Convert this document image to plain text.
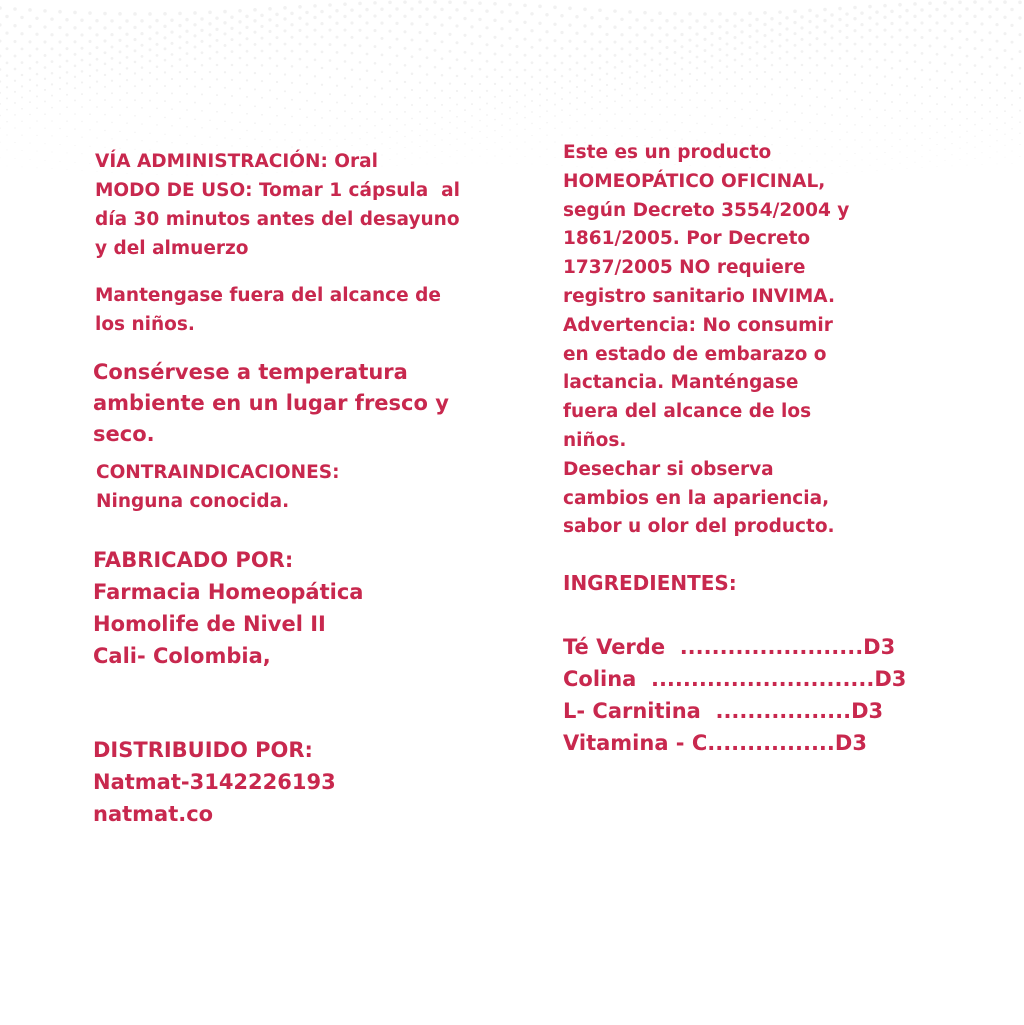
VÍA ADMINISTRACIÓN: Oral

MODO DE USO: Tomar 1 cápsula  al

día 30 minutos antes del desayuno

y del almuerzo

Mantengase fuera del alcance de

los niños.

Consérvese a temperatura

ambiente en un lugar fresco y

seco.

CONTRAINDICACIONES:

Ninguna conocida.

FABRICADO POR:

Farmacia Homeopática

Homolife de Nivel II

Cali- Colombia,

DISTRIBUIDO POR:

Natmat-3142226193

natmat.co

Este es un producto

HOMEOPÁTICO OFICINAL,

según Decreto 3554/2004 y

1861/2005. Por Decreto

1737/2005 NO requiere

registro sanitario INVIMA.

Advertencia: No consumir

en estado de embarazo o

lactancia. Manténgase

fuera del alcance de los

niños.

Desechar si observa

cambios en la apariencia,

sabor u olor del producto.

INGREDIENTES:

Té Verde  .......................D3

Colina  ............................D3

L- Carnitina  .................D3

Vitamina - C................D3
